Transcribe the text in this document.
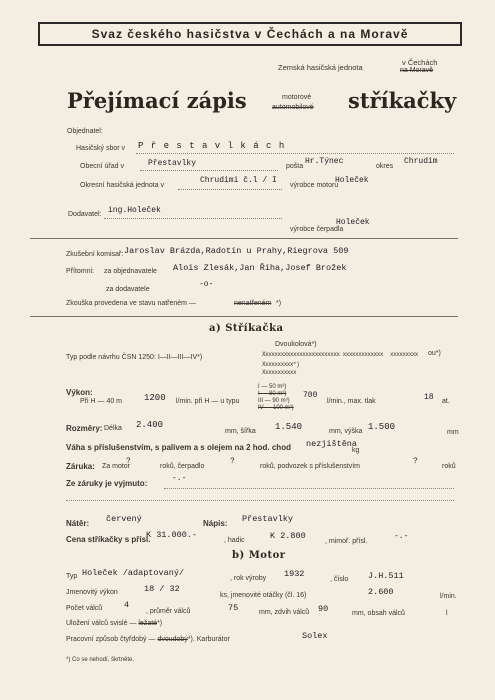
Svaz českého hasičstva v Čechách a na Moravě
Zemská hasičská jednota
v Čechách
na Moravě
Přejímací zápis	motorové
automobilové stříkačky
Objednatel:
Hasičský sbor v P ř e s t a v l k á c h
Obecní úřad v	Přestavlky	pošta
Hr.Týnec
okres
Chrudim
Okresní hasičská jednota v
Chrudimi č.l / I
výrobce motoru
Holeček
Dodavatel: ing.Holeček
výrobce čerpadla
Holeček
Zkušební komisař: Jaroslav Brázda,Radotín u Prahy,Riegrova 509
Přítomni: za objednavatele Alois Zlesák,Jan Říha,Josef Brožek
za dodavatele
-o-
Zkouška provedena ve stavu natřeném —	nenatřeném *)
a) Stříkačka
Typ podle návrhu ČSN 1250: I—II—III—IV*)
Dvoukolová*)
Xxxxxxxxxxxxxxxxxxxxxxxxx xxxxxxxxxxxxx xxxxxxxxx ou*)
Xxxxxxxxxx*)
Xxxxxxxxxxx
Výkon:
Při H — 40 m 1200 l/min. při H — u typu
I — 50 m³)
I — 80 m³)
III — 90 m³)
IV — 100 m³)
700
l/min., max. tlak	18 at.
Rozměry: Délka 2.400
mm, šířka 1.540	mm, výška 1.500
mm
Váha s příslušenstvím, s palivem a s olejem na 2 hod. chod nezjištěna
kg
Záruka: Za motor
?
roků, čerpadlo
?
roků, podvozek s příslušenstvím
?
roků
Ze záruky je vyjmuto:
-.-
Nátěr: červený	Nápis: Přestavlky
Cena stříkačky s přísl.
K 31.000.-
, hadic	K 2.800
, mimoř. přísl.
-.-
b) Motor
Typ Holeček /adaptovaný/
, rok výroby 1932
, číslo J.H.511
Jmenovitý výkon	18 / 32
ks, jmenovité otáčky (čl. 16)	2.600	l/min.
Počet válců	4
, průměr válců	75	mm, zdvih válců 90	mm, obsah válců	l
Uložení válců svislé — ležaté*)
Pracovní způsob čtyřdobý — dvoudobý*). Karburátor	Solex
*) Co se nehodí, škrtněte.
